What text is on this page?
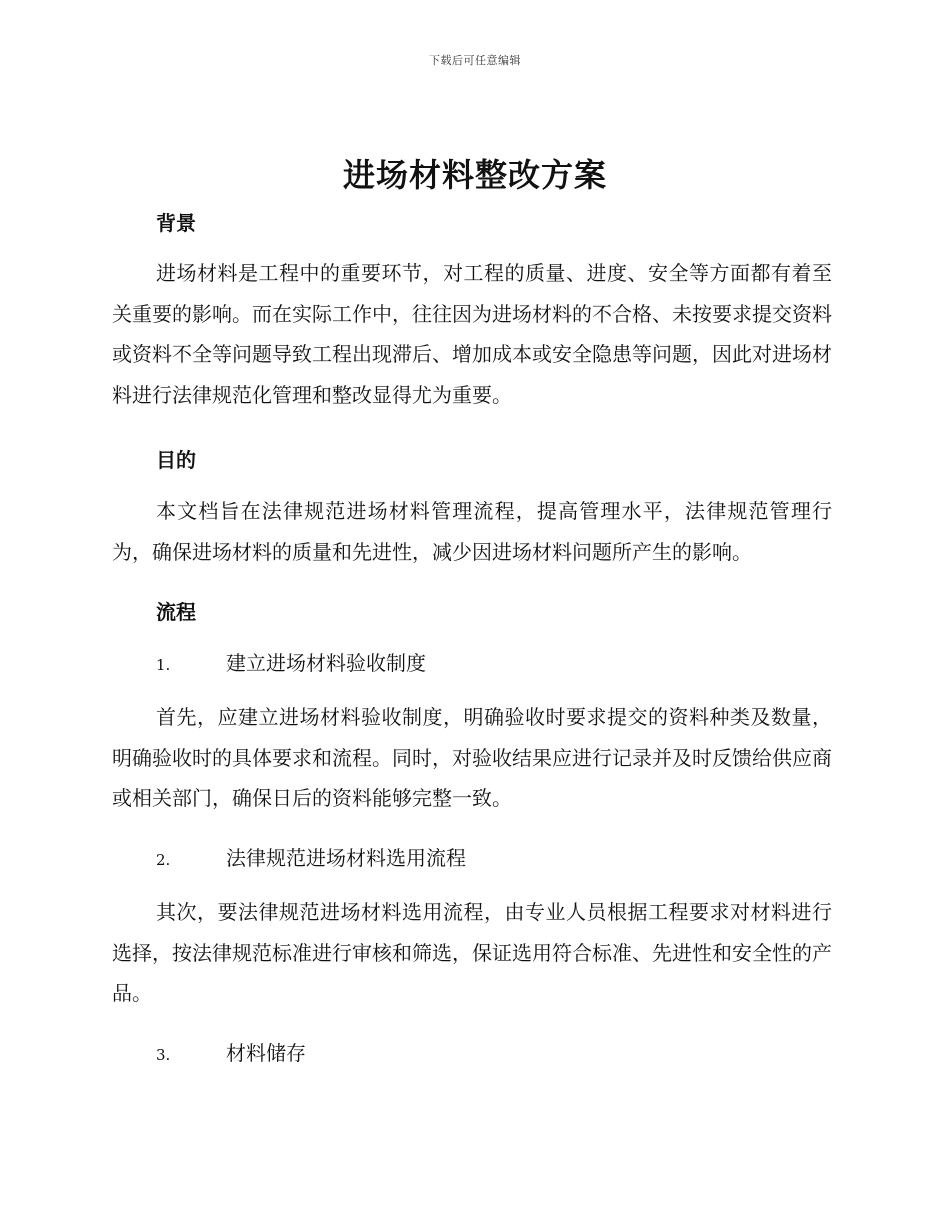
下载后可任意编辑
进场材料整改方案
背景

进场材料是工程中的重要环节，对工程的质量、进度、安全等方面都有着至关重要的影响。而在实际工作中，往往因为进场材料的不合格、未按要求提交资料或资料不全等问题导致工程出现滞后、增加成本或安全隐患等问题，因此对进场材料进行法律规范化管理和整改显得尤为重要。

目的

本文档旨在法律规范进场材料管理流程，提高管理水平，法律规范管理行为，确保进场材料的质量和先进性，减少因进场材料问题所产生的影响。

流程
1.	建立进场材料验收制度

首先，应建立进场材料验收制度，明确验收时要求提交的资料种类及数量，明确验收时的具体要求和流程。同时，对验收结果应进行记录并及时反馈给供应商或相关部门，确保日后的资料能够完整一致。

2.	法律规范进场材料选用流程

其次，要法律规范进场材料选用流程，由专业人员根据工程要求对材料进行选择，按法律规范标准进行审核和筛选，保证选用符合标准、先进性和安全性的产品。

3.	材料储存
